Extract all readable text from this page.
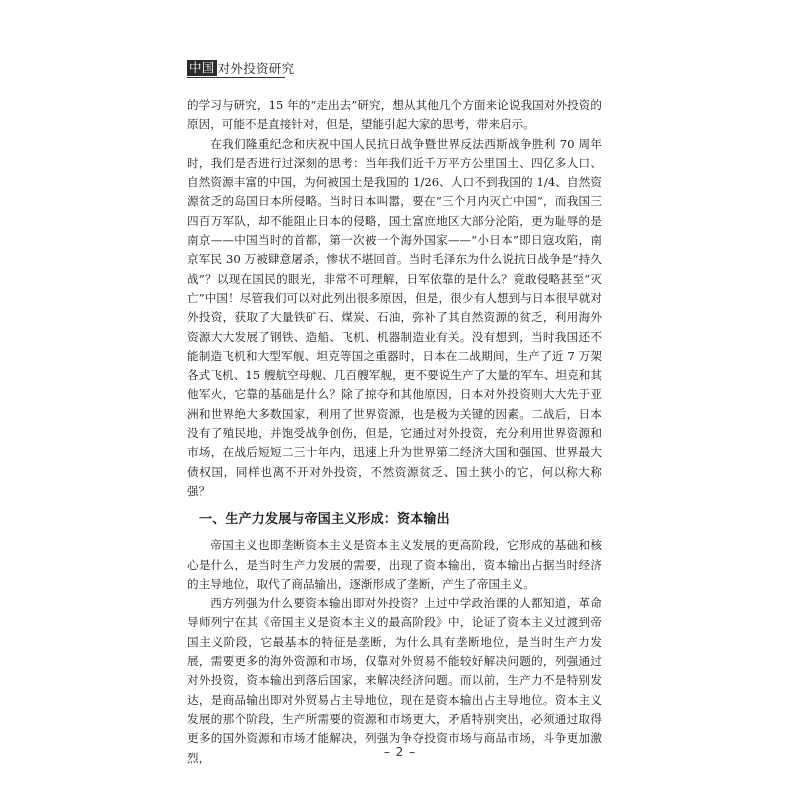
中国 对外投资研究

的学习与研究，15 年的“走出去”研究，想从其他几个方面来论说我国对外投资的原因，可能不是直接针对，但是，望能引起大家的思考，带来启示。

在我们隆重纪念和庆祝中国人民抗日战争暨世界反法西斯战争胜利 70 周年时，我们是否进行过深刻的思考：当年我们近千万平方公里国土、四亿多人口、自然资源丰富的中国，为何被国土是我国的 1/26、人口不到我国的 1/4、自然资源贫乏的岛国日本所侵略。当时日本叫嚣，要在“三个月内灭亡中国”，而我国三四百万军队，却不能阻止日本的侵略，国土富庶地区大部分沦陷，更为耻辱的是南京——中国当时的首都，第一次被一个海外国家——“小日本”即日寇攻陷，南京军民 30 万被肆意屠杀，惨状不堪回首。当时毛泽东为什么说抗日战争是“持久战”？以现在国民的眼光，非常不可理解，日军依靠的是什么？竟敢侵略甚至“灭亡”中国！尽管我们可以对此列出很多原因，但是，很少有人想到与日本很早就对外投资，获取了大量铁矿石、煤炭、石油，弥补了其自然资源的贫乏，利用海外资源大大发展了钢铁、造船、飞机、机器制造业有关。没有想到，当时我国还不能制造飞机和大型军舰、坦克等国之重器时，日本在二战期间，生产了近 7 万架各式飞机、15 艘航空母舰、几百艘军舰，更不要说生产了大量的军车、坦克和其他军火，它靠的基础是什么？除了掠夺和其他原因，日本对外投资则大大先于亚洲和世界绝大多数国家，利用了世界资源，也是极为关键的因素。二战后，日本没有了殖民地，并饱受战争创伤，但是，它通过对外投资，充分利用世界资源和市场，在战后短短二三十年内，迅速上升为世界第二经济大国和强国、世界最大债权国，同样也离不开对外投资，不然资源贫乏、国土狭小的它，何以称大称强？

一、生产力发展与帝国主义形成：资本输出

帝国主义也即垄断资本主义是资本主义发展的更高阶段，它形成的基础和核心是什么，是当时生产力发展的需要，出现了资本输出，资本输出占据当时经济的主导地位，取代了商品输出，逐渐形成了垄断，产生了帝国主义。

西方列强为什么要资本输出即对外投资？上过中学政治课的人都知道，革命导师列宁在其《帝国主义是资本主义的最高阶段》中，论证了资本主义过渡到帝国主义阶段，它最基本的特征是垄断，为什么具有垄断地位，是当时生产力发展，需要更多的海外资源和市场，仅靠对外贸易不能较好解决问题的，列强通过对外投资，资本输出到落后国家，来解决经济问题。而以前，生产力不是特别发达，是商品输出即对外贸易占主导地位，现在是资本输出占主导地位。资本主义发展的那个阶段，生产所需要的资源和市场更大，矛盾特别突出，必须通过取得更多的国外资源和市场才能解决，列强为争夺投资市场与商品市场，斗争更加激烈，	– 2 –
